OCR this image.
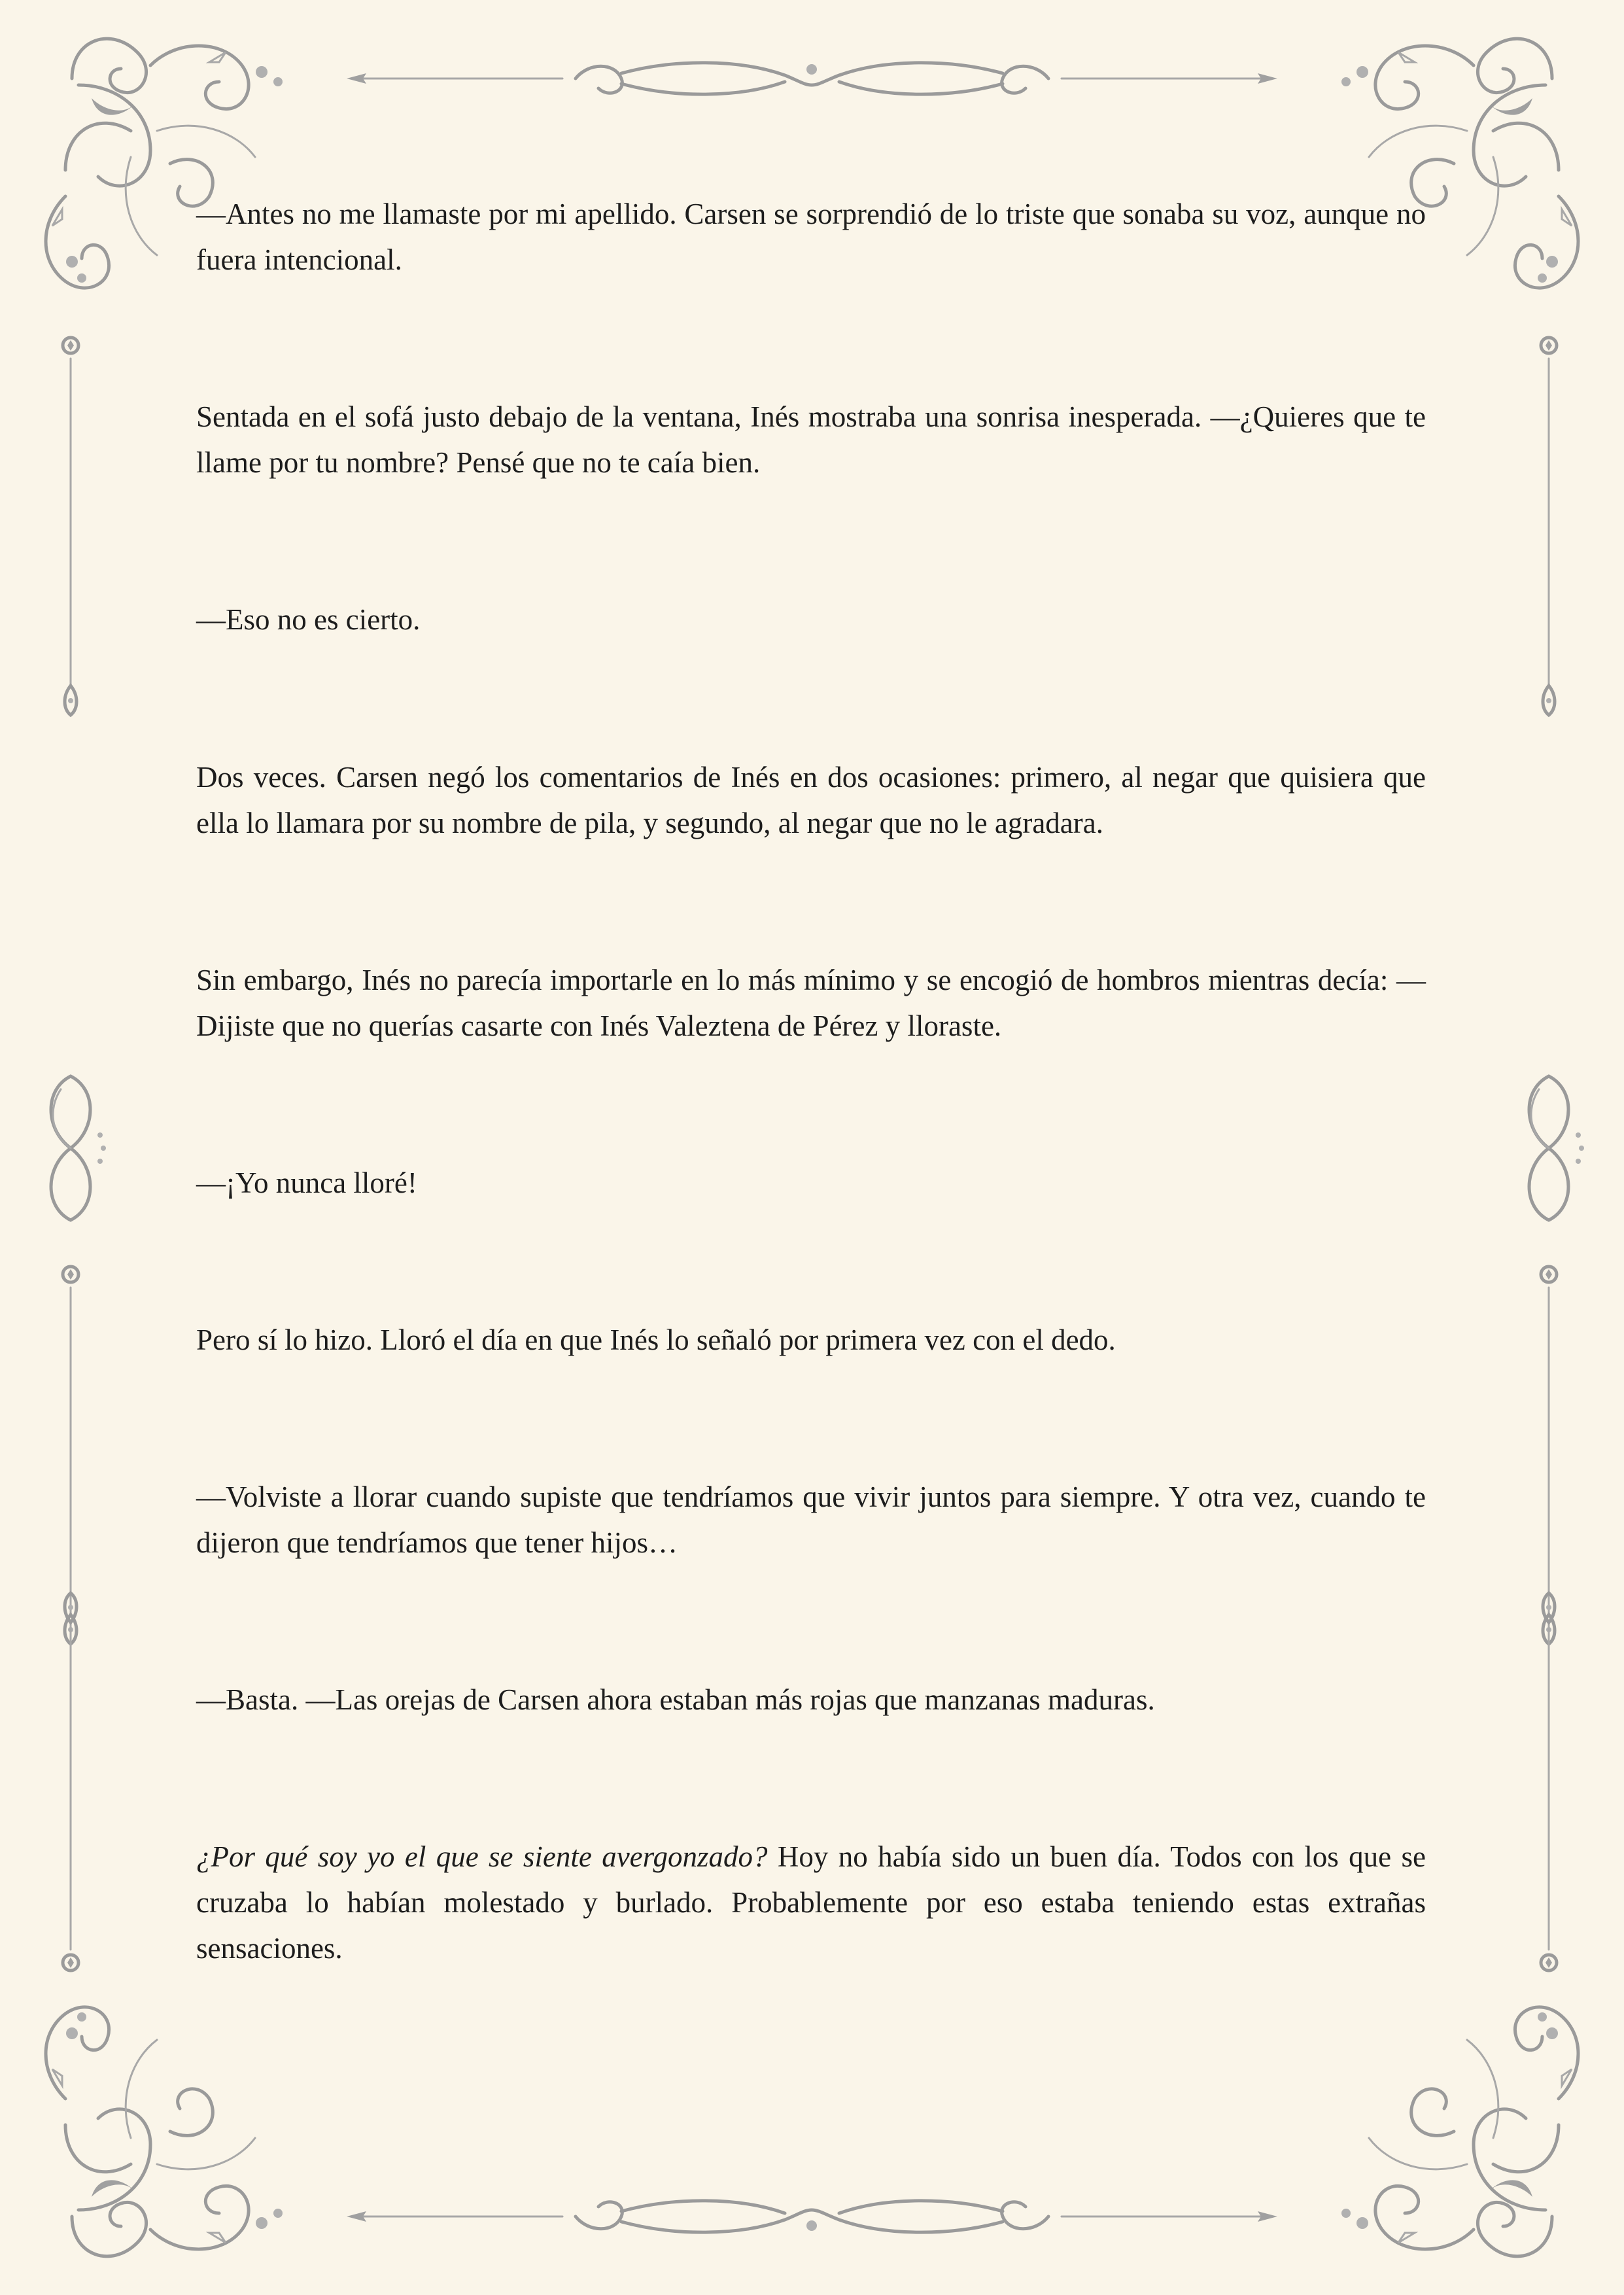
—Antes no me llamaste por mi apellido. Carsen se sorprendió de lo triste que sonaba su voz, aunque no fuera intencional.

Sentada en el sofá justo debajo de la ventana, Inés mostraba una sonrisa inesperada. —¿Quieres que te llame por tu nombre? Pensé que no te caía bien.

—Eso no es cierto.

Dos veces. Carsen negó los comentarios de Inés en dos ocasiones: primero, al negar que quisiera que ella lo llamara por su nombre de pila, y segundo, al negar que no le agradara.

Sin embargo, Inés no parecía importarle en lo más mínimo y se encogió de hombros mientras decía: —Dijiste que no querías casarte con Inés Valeztena de Pérez y lloraste.

—¡Yo nunca lloré!

Pero sí lo hizo. Lloró el día en que Inés lo señaló por primera vez con el dedo.

—Volviste a llorar cuando supiste que tendríamos que vivir juntos para siempre. Y otra vez, cuando te dijeron que tendríamos que tener hijos…

—Basta. —Las orejas de Carsen ahora estaban más rojas que manzanas maduras.

¿Por qué soy yo el que se siente avergonzado? Hoy no había sido un buen día. Todos con los que se cruzaba lo habían molestado y burlado. Probablemente por eso estaba teniendo estas extrañas sensaciones.
